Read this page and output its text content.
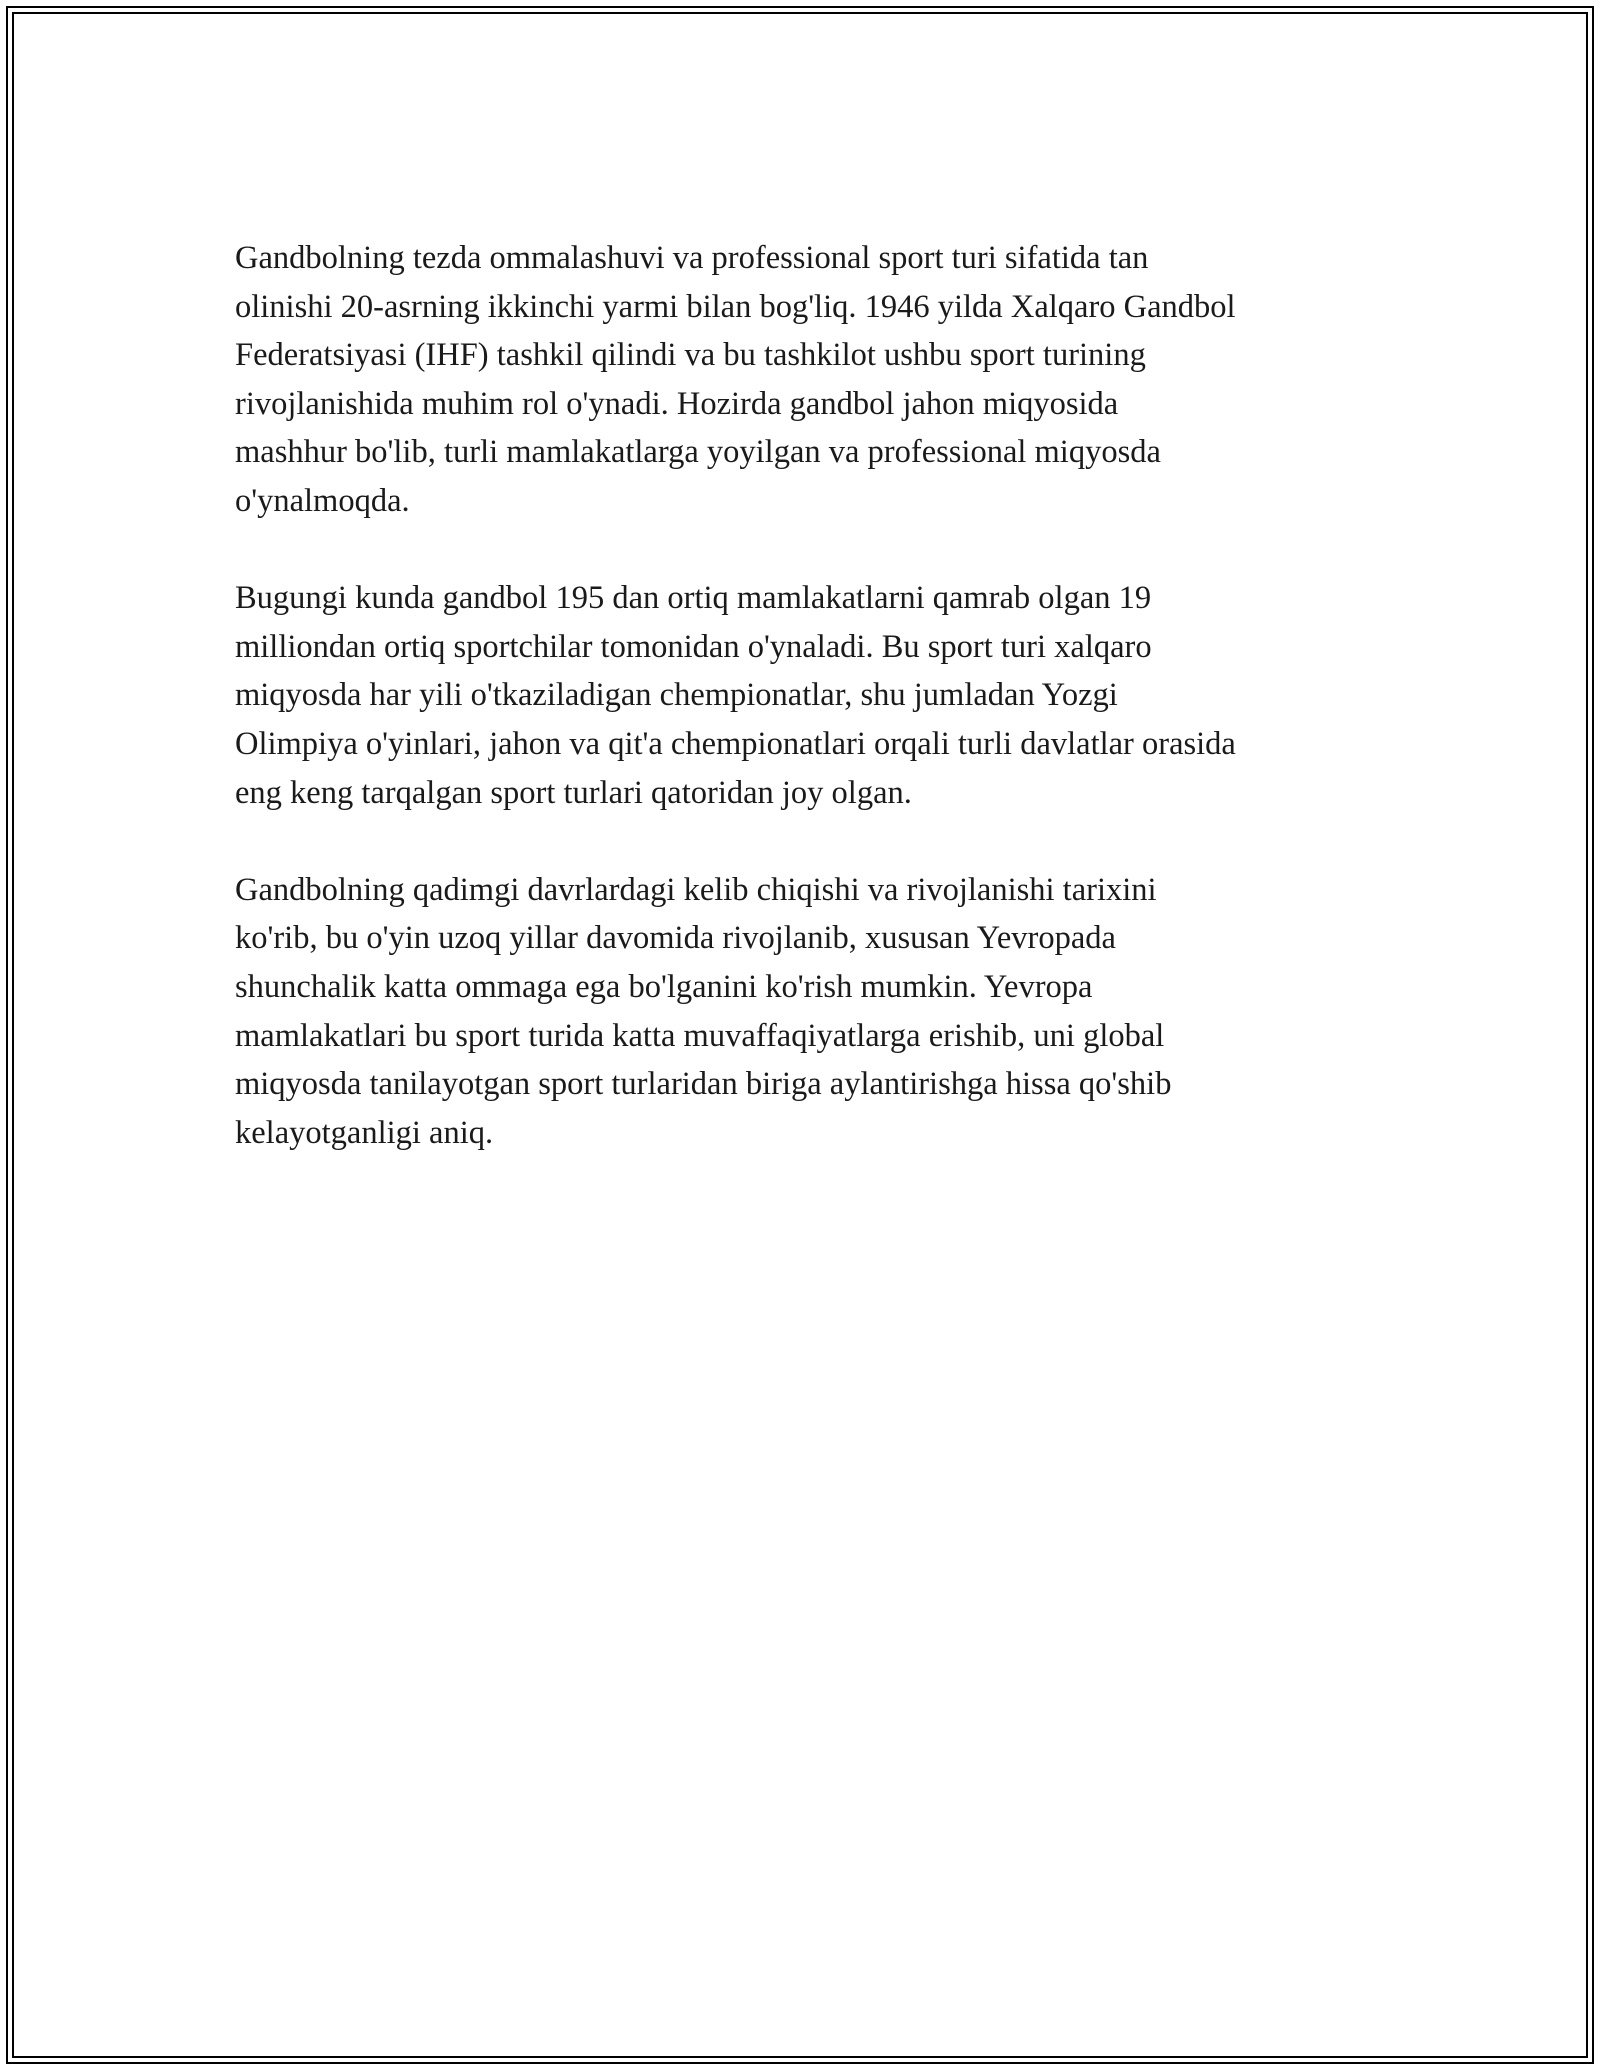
Gandbolning tezda ommalashuvi va professional sport turi sifatida tan
olinishi 20-asrning ikkinchi yarmi bilan bog'liq. 1946 yilda Xalqaro Gandbol
Federatsiyasi (IHF) tashkil qilindi va bu tashkilot ushbu sport turining
rivojlanishida muhim rol o'ynadi. Hozirda gandbol jahon miqyosida
mashhur bo'lib, turli mamlakatlarga yoyilgan va professional miqyosda
o'ynalmoqda.

Bugungi kunda gandbol 195 dan ortiq mamlakatlarni qamrab olgan 19
milliondan ortiq sportchilar tomonidan o'ynaladi. Bu sport turi xalqaro
miqyosda har yili o'tkaziladigan chempionatlar, shu jumladan Yozgi
Olimpiya o'yinlari, jahon va qit'a chempionatlari orqali turli davlatlar orasida
eng keng tarqalgan sport turlari qatoridan joy olgan.

Gandbolning qadimgi davrlardagi kelib chiqishi va rivojlanishi tarixini
ko'rib, bu o'yin uzoq yillar davomida rivojlanib, xususan Yevropada
shunchalik katta ommaga ega bo'lganini ko'rish mumkin. Yevropa
mamlakatlari bu sport turida katta muvaffaqiyatlarga erishib, uni global
miqyosda tanilayotgan sport turlaridan biriga aylantirishga hissa qo'shib
kelayotganligi aniq.
